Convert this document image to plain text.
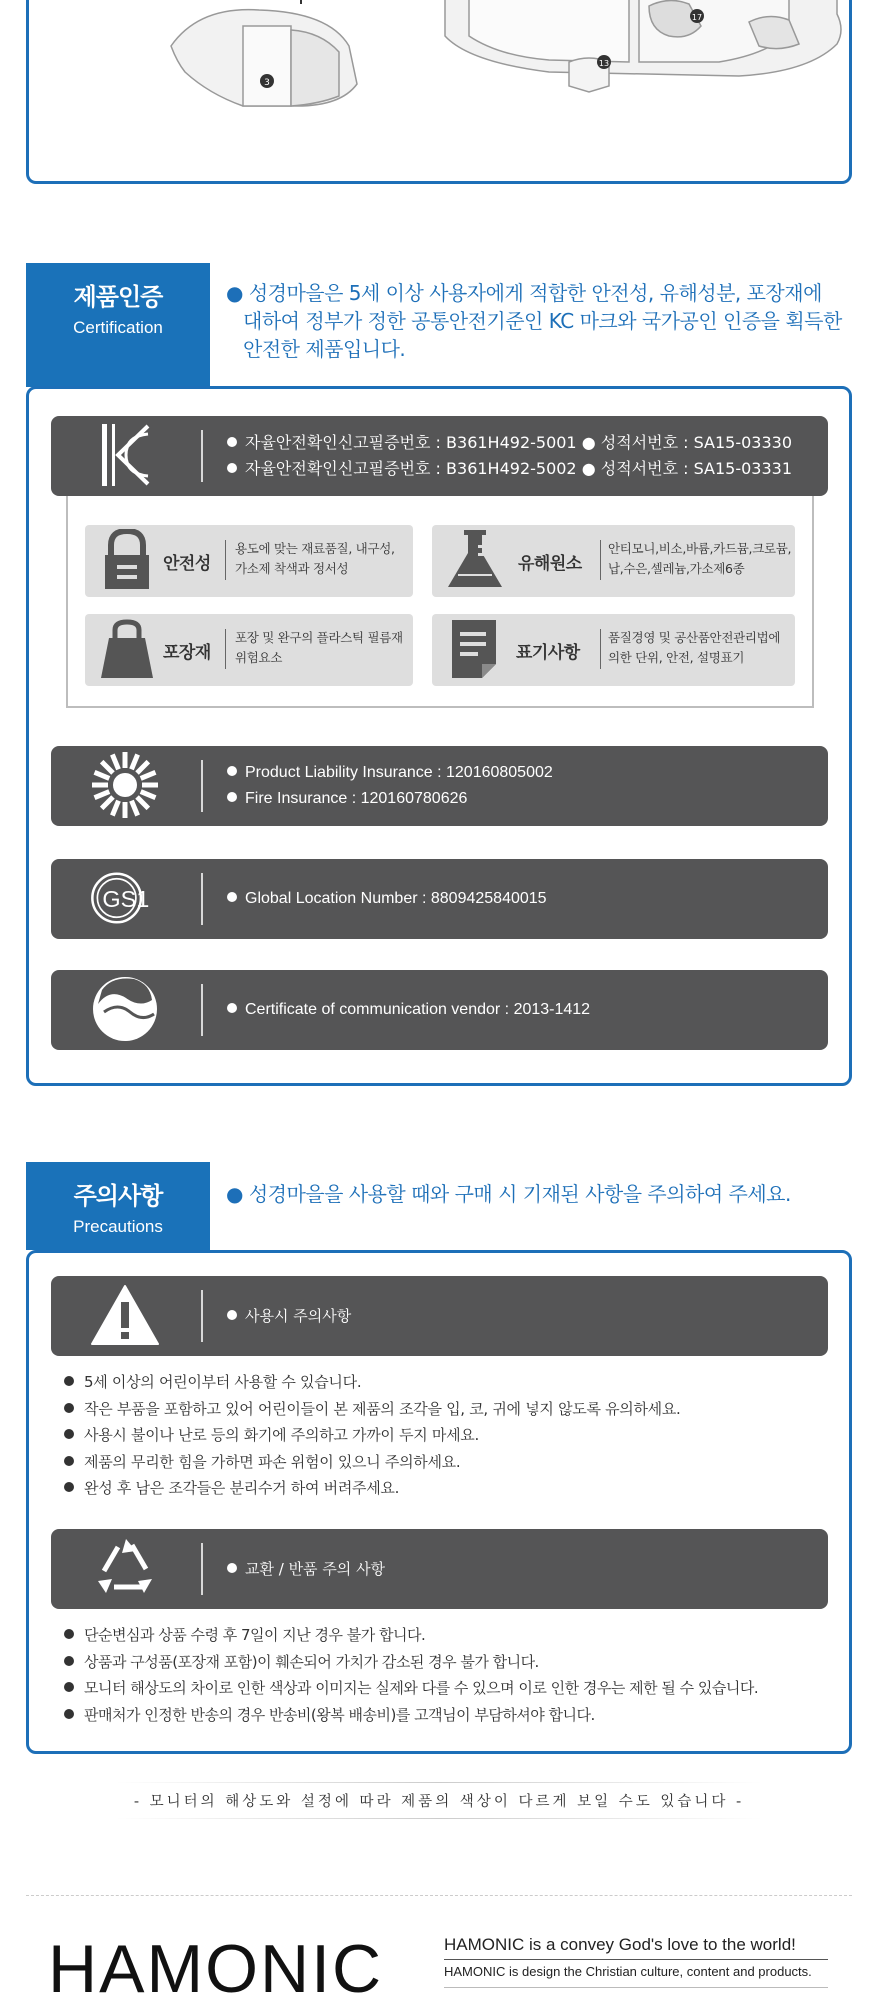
3
17
13
제품인증
Certification
● 성경마을은 5세 이상 사용자에게 적합한 안전성, 유해성분, 포장재에
대하여 정부가 정한 공통안전기준인 KC 마크와 국가공인 인증을 획득한
안전한 제품입니다.
자율안전확인신고필증번호 : B361H492-5001 ● 성적서번호 : SA15-03330
자율안전확인신고필증번호 : B361H492-5002 ● 성적서번호 : SA15-03331
안전성
용도에 맞는 재료품질, 내구성,
가소제 착색과 정서성	유해원소
안티모니,비소,바륨,카드뮴,크로뮴,
납,수은,셀레늄,가소제6종
포장재
포장 및 완구의 플라스틱 필름재
위험요소	표기사항
품질경영 및 공산품안전관리법에
의한 단위, 안전, 설명표기
Product Liability Insurance : 120160805002
Fire Insurance : 120160780626
GS1	Global Location Number : 8809425840015
Certificate of communication vendor : 2013-1412
주의사항
Precautions
● 성경마을을 사용할 때와 구매 시 기재된 사항을 주의하여 주세요.
사용시 주의사항
5세 이상의 어린이부터 사용할 수 있습니다.
작은 부품을 포함하고 있어 어린이들이 본 제품의 조각을 입, 코, 귀에 넣지 않도록 유의하세요.
사용시 불이나 난로 등의 화기에 주의하고 가까이 두지 마세요.
제품의 무리한 힘을 가하면 파손 위험이 있으니 주의하세요.
완성 후 남은 조각들은 분리수거 하여 버려주세요.
교환 / 반품 주의 사항
단순변심과 상품 수령 후 7일이 지난 경우 불가 합니다.
상품과 구성품(포장재 포함)이 훼손되어 가치가 감소된 경우 불가 합니다.
모니터 해상도의 차이로 인한 색상과 이미지는 실제와 다를 수 있으며 이로 인한 경우는 제한 될 수 있습니다.
판매처가 인정한 반송의 경우 반송비(왕복 배송비)를 고객님이 부담하셔야 합니다.
- 모니터의 해상도와 설정에 따라 제품의 색상이 다르게 보일 수도 있습니다 -
HAMONIC	HAMONIC is a convey God's love to the world!
HAMONIC is design the Christian culture, content and products.
